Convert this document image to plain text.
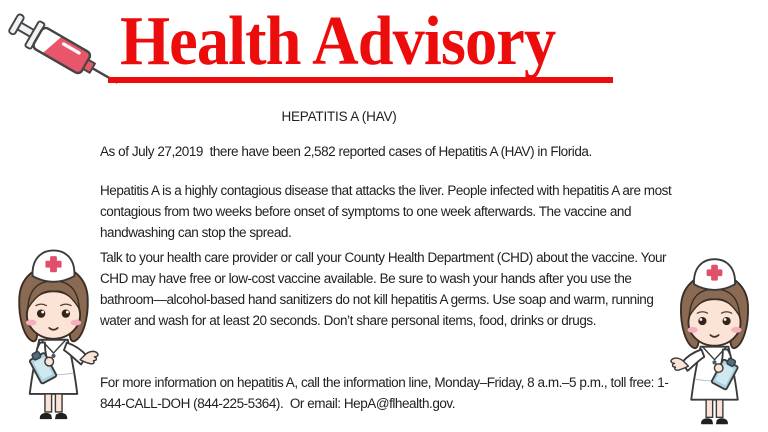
Health Advisory
HEPATITIS A (HAV)

As of July 27,2019  there have been 2,582 reported cases of Hepatitis A (HAV) in Florida.

Hepatitis A is a highly contagious disease that attacks the liver. People infected with hepatitis A are most contagious from two weeks before onset of symptoms to one week afterwards. The vaccine and handwashing can stop the spread.

Talk to your health care provider or call your County Health Department (CHD) about the vaccine. Your CHD may have free or low-cost vaccine available. Be sure to wash your hands after you use the bathroom—alcohol-based hand sanitizers do not kill hepatitis A germs. Use soap and warm, running water and wash for at least 20 seconds. Don’t share personal items, food, drinks or drugs.

For more information on hepatitis A, call the information line, Monday–Friday, 8 a.m.–5 p.m., toll free: 1-844-CALL-DOH (844-225-5364).  Or email: HepA@flhealth.gov.
